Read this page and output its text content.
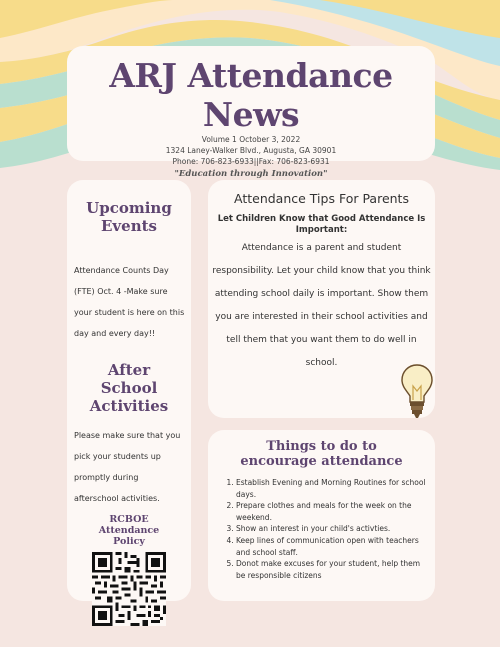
ARJ Attendance News
Volume 1 October 3, 2022
1324 Laney-Walker Blvd., Augusta, GA 30901
Phone: 706-823-6933||Fax: 706-823-6931
"Education through Innovation"
Upcoming Events
Attendance Counts Day (FTE) Oct. 4 -Make sure your student is here on this day and every day!!
After School Activities
Please make sure that you pick your students up promptly during afterschool activities.
RCBOE Attendance Policy
Attendance Tips For Parents
Let Children Know that Good Attendance Is Important:
Attendance is a parent and student responsibility. Let your child know that you think attending school daily is important. Show them you are interested in their school activities and tell them that you want them to do well in school.
Things to do to encourage attendance
1. Establish Evening and Morning Routines for school days.
2. Prepare clothes and meals for the week on the weekend.
3. Show an interest in your child's activties.
4. Keep lines of communication open with teachers and school staff.
5. Donot make excuses for your student, help them be responsible citizens
